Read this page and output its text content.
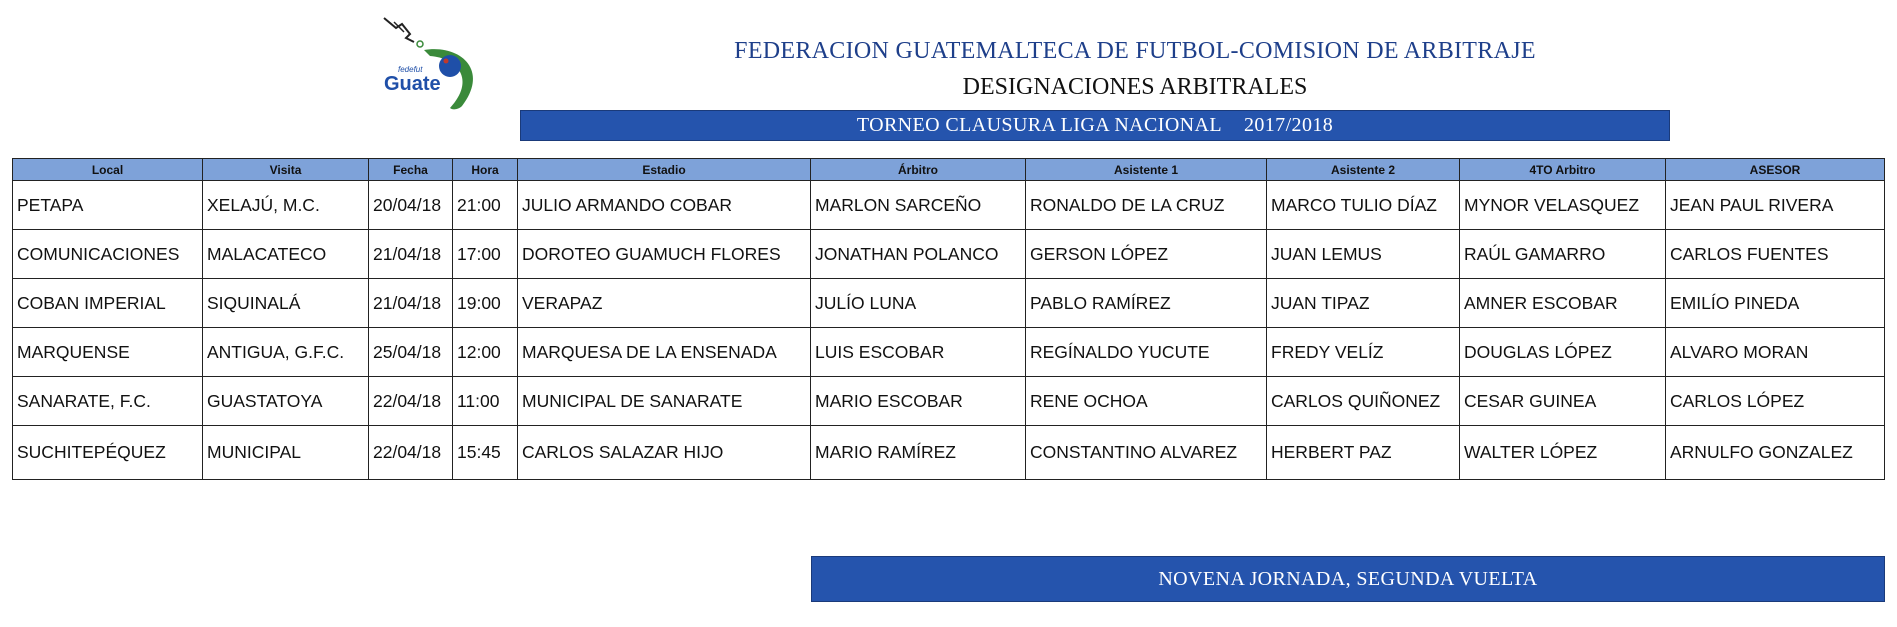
fedefut
Guate
FEDERACION GUATEMALTECA DE FUTBOL-COMISION DE ARBITRAJE
DESIGNACIONES ARBITRALES
TORNEO CLAUSURA LIGA NACIONAL 2017/2018
Local	Visita	Fecha	Hora	Estadio	Árbitro	Asistente 1	Asistente 2	4TO Arbitro	ASESOR
PETAPA	XELAJÚ, M.C.	20/04/18	21:00	JULIO ARMANDO COBAR	MARLON SARCEÑO	RONALDO DE LA CRUZ	MARCO TULIO DÍAZ	MYNOR VELASQUEZ	JEAN PAUL RIVERA
COMUNICACIONES	MALACATECO	21/04/18	17:00	DOROTEO GUAMUCH FLORES	JONATHAN POLANCO	GERSON LÓPEZ	JUAN LEMUS	RAÚL GAMARRO	CARLOS FUENTES
COBAN IMPERIAL	SIQUINALÁ	21/04/18	19:00	VERAPAZ	JULÍO LUNA	PABLO RAMÍREZ	JUAN TIPAZ	AMNER ESCOBAR	EMILÍO PINEDA
MARQUENSE	ANTIGUA, G.F.C.	25/04/18	12:00	MARQUESA DE LA ENSENADA	LUIS ESCOBAR	REGÍNALDO YUCUTE	FREDY VELÍZ	DOUGLAS LÓPEZ	ALVARO MORAN
SANARATE, F.C.	GUASTATOYA	22/04/18	11:00	MUNICIPAL DE SANARATE	MARIO ESCOBAR	RENE OCHOA	CARLOS QUIÑONEZ	CESAR GUINEA	CARLOS LÓPEZ
SUCHITEPÉQUEZ	MUNICIPAL	22/04/18	15:45	CARLOS SALAZAR HIJO	MARIO RAMÍREZ	CONSTANTINO ALVAREZ	HERBERT PAZ	WALTER LÓPEZ	ARNULFO GONZALEZ
NOVENA JORNADA, SEGUNDA VUELTA
